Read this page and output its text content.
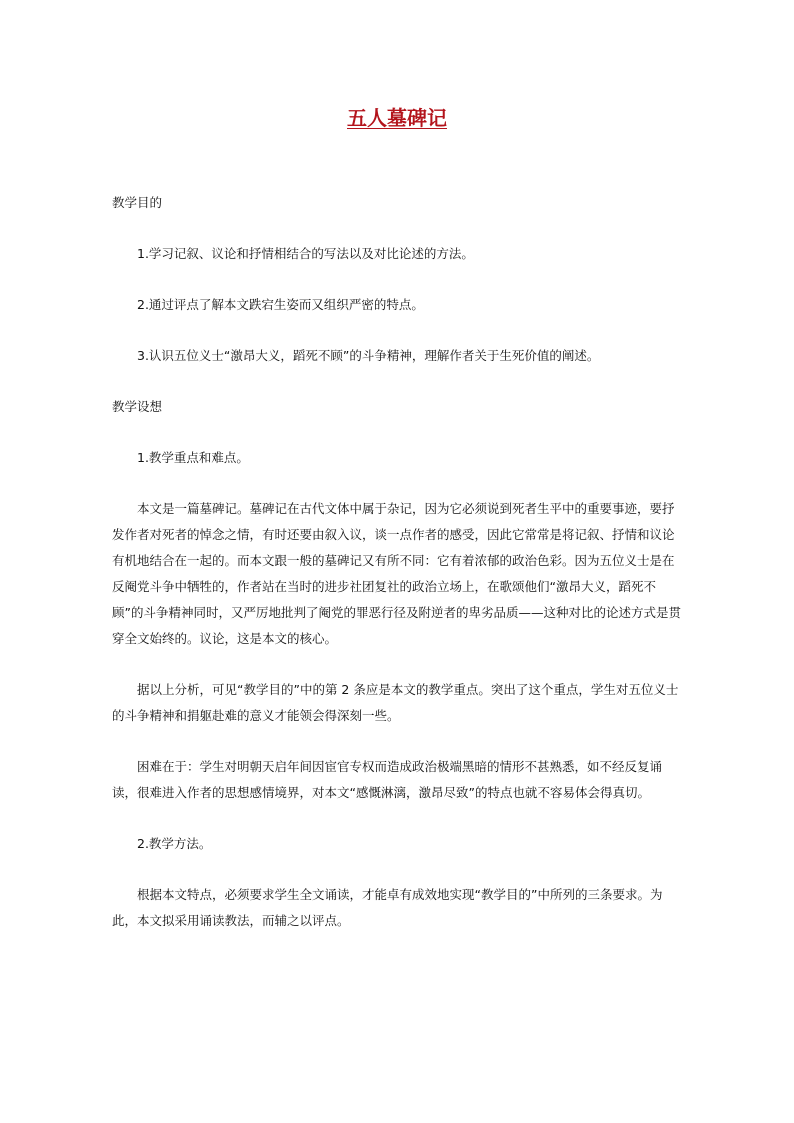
五人墓碑记

教学目的

1.学习记叙、议论和抒情相结合的写法以及对比论述的方法。

2.通过评点了解本文跌宕生姿而又组织严密的特点。

3.认识五位义士“激昂大义，蹈死不顾”的斗争精神，理解作者关于生死价值的阐述。

教学设想

1.教学重点和难点。

本文是一篇墓碑记。墓碑记在古代文体中属于杂记，因为它必须说到死者生平中的重要事迹，要抒发作者对死者的悼念之情，有时还要由叙入议，谈一点作者的感受，因此它常常是将记叙、抒情和议论有机地结合在一起的。而本文跟一般的墓碑记又有所不同：它有着浓郁的政治色彩。因为五位义士是在反阉党斗争中牺牲的，作者站在当时的进步社团复社的政治立场上，在歌颂他们“激昂大义，蹈死不顾”的斗争精神同时，又严厉地批判了阉党的罪恶行径及附逆者的卑劣品质——这种对比的论述方式是贯穿全文始终的。议论，这是本文的核心。

据以上分析，可见“教学目的”中的第 2 条应是本文的教学重点。突出了这个重点，学生对五位义士的斗争精神和捐躯赴难的意义才能领会得深刻一些。

困难在于：学生对明朝天启年间因宦官专权而造成政治极端黑暗的情形不甚熟悉，如不经反复诵读，很难进入作者的思想感情境界，对本文“感慨淋漓，激昂尽致”的特点也就不容易体会得真切。

2.教学方法。

根据本文特点，必须要求学生全文诵读，才能卓有成效地实现“教学目的”中所列的三条要求。为此，本文拟采用诵读教法，而辅之以评点。
